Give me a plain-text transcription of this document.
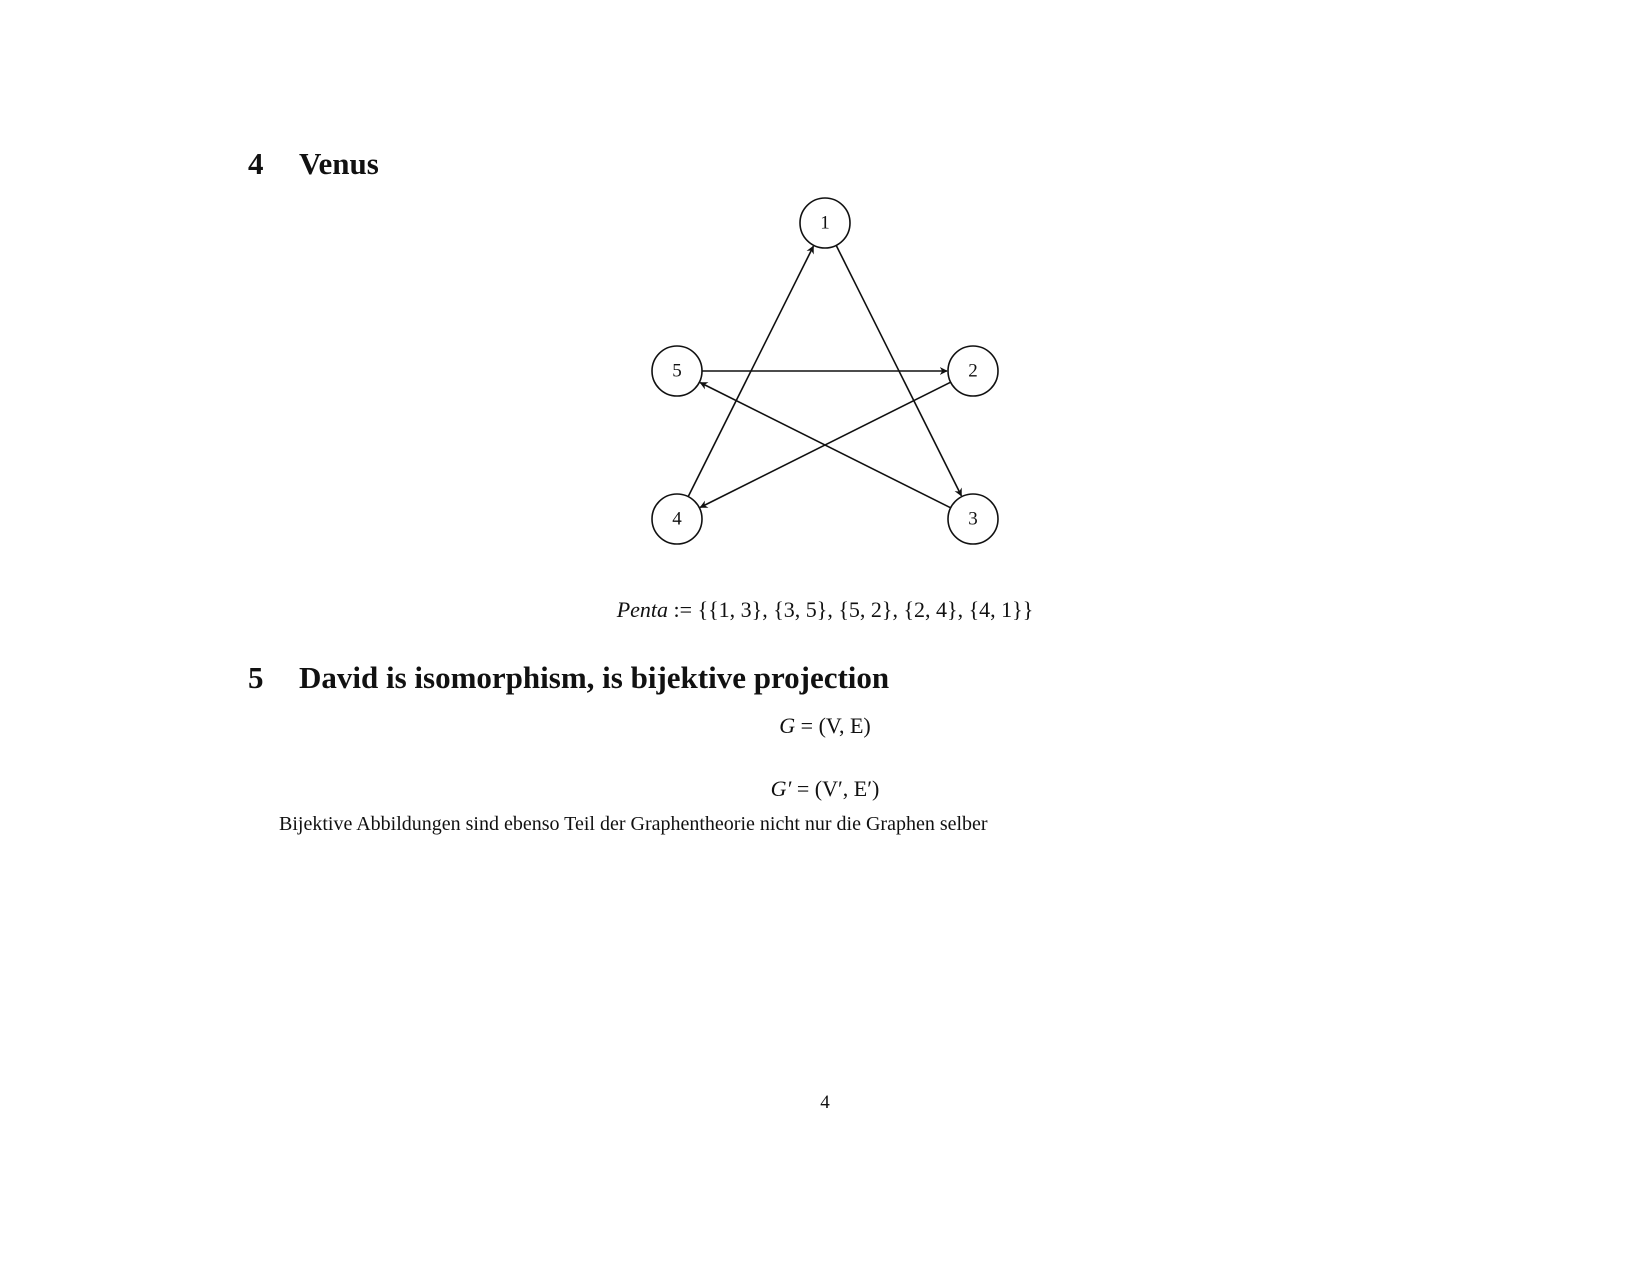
4 Venus
1
2
3
4
5
Penta := {{1, 3}, {3, 5}, {5, 2}, {2, 4}, {4, 1}}
5 David is isomorphism, is bijektive projection
G = (V, E)
G′ = (V′, E′)

Bijektive Abbildungen sind ebenso Teil der Graphentheorie nicht nur die Graphen selber

4
